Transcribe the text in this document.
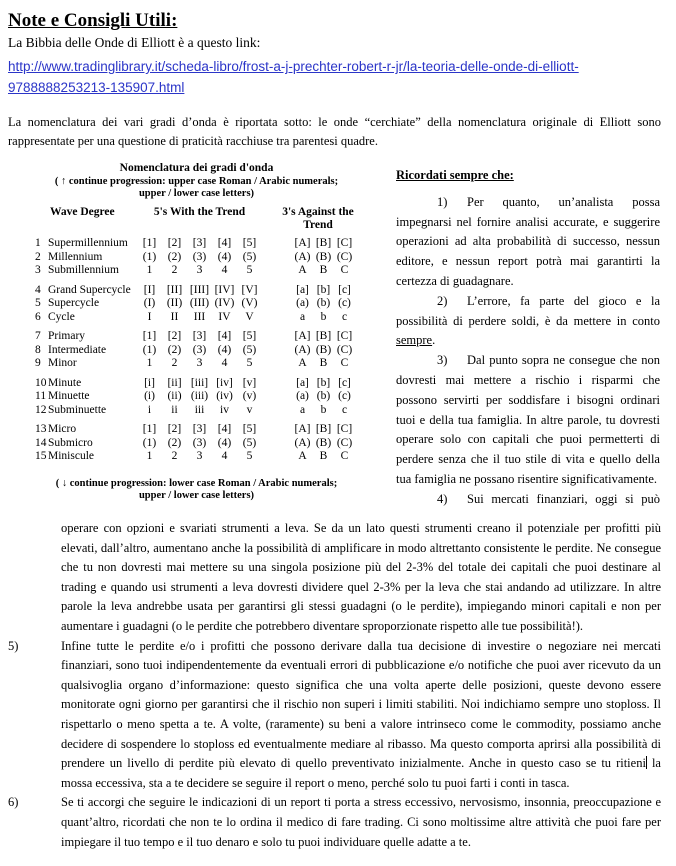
Note e Consigli Utili:
La Bibbia delle Onde di Elliott è a questo link:
http://www.tradinglibrary.it/scheda-libro/frost-a-j-prechter-robert-r-jr/la-teoria-delle-onde-di-elliott-
9788888253213-135907.html
La nomenclatura dei vari gradi d’onda è riportata sotto: le onde “cerchiate” della nomenclatura originale di Elliott sono rappresentate per una questione di praticità racchiuse tra parentesi quadre.
Nomenclatura dei gradi d'onda
( ↑ continue progression: upper case Roman / Arabic numerals;
upper / lower case letters)
Wave Degree	5's With the Trend	3's Against the Trend
1 Supermillennium	[1]	[2]	[3]	[4]	[5]	[A] [B] [C]
2 Millennium	(1)	(2)	(3)	(4)	(5)	(A) (B) (C)
3 Submillennium	1	2	3	4	5	A	B	C
4 Grand Supercycle	[I]	[II] [III] [IV] [V]	[a] [b] [c]
5 Supercycle	(I)	(II) (III) (IV) (V)	(a) (b) (c)
6 Cycle	I	II	III	IV	V	a	b	c
7 Primary	[1]	[2]	[3]	[4]	[5]	[A] [B] [C]
8 Intermediate	(1)	(2)	(3)	(4)	(5)	(A) (B) (C)
9 Minor	1	2	3	4	5	A	B	C
10 Minute	[i]	[ii] [iii] [iv] [v]	[a] [b] [c]
11 Minuette	(i)	(ii) (iii) (iv) (v)	(a) (b) (c)
12 Subminuette	i	ii	iii	iv	v	a	b	c
13 Micro	[1]	[2]	[3]	[4]	[5]	[A] [B] [C]
14 Submicro	(1)	(2)	(3)	(4)	(5)	(A) (B) (C)
15 Miniscule	1	2	3	4	5	A	B	C
( ↓ continue progression: lower case Roman / Arabic numerals;
upper / lower case letters)
Ricordati sempre che:
1) Per quanto, un’analista possa impegnarsi nel fornire analisi accurate, e suggerire operazioni ad alta probabilità di successo, nessun editore, e nessun report potrà mai garantirti la certezza di guadagnare.
2) L’errore, fa parte del gioco e la possibilità di perdere soldi, è da mettere in conto sempre.
3) Dal punto sopra ne consegue che non dovresti mai mettere a rischio i risparmi che possono servirti per soddisfare i bisogni ordinari tuoi e della tua famiglia. In altre parole, tu dovresti operare solo con capitali che puoi permetterti di perdere senza che il tuo stile di vita e quello della tua famiglia ne possano risentire significativamente.
4) Sui mercati finanziari, oggi si può
operare con opzioni e svariati strumenti a leva. Se da un lato questi strumenti creano il potenziale per profitti più elevati, dall’altro, aumentano anche la possibilità di amplificare in modo altrettanto consistente le perdite. Ne consegue che tu non dovresti mai mettere su una singola posizione più del 2-3% del totale dei capitali che puoi destinare al trading e quando usi strumenti a leva dovresti dividere quel 2-3% per la leva che stai andando ad utilizzare. In altre parole la leva andrebbe usata per garantirsi gli stessi guadagni (o le perdite), impiegando minori capitali e non per aumentare i guadagni (o le perdite che potrebbero diventare sproporzionate rispetto alle tue possibilità!).
5)	Infine tutte le perdite e/o i profitti che possono derivare dalla tua decisione di investire o negoziare nei mercati finanziari, sono tuoi indipendentemente da eventuali errori di pubblicazione e/o notifiche che puoi aver ricevuto da un qualsivoglia organo d’informazione: questo significa che una volta aperte delle posizioni, queste devono essere monitorate ogni giorno per garantirsi che il rischio non superi i limiti stabiliti. Noi indichiamo sempre uno stoploss. Il rispettarlo o meno spetta a te. A volte, (raramente) su beni a valore intrinseco come le commodity, possiamo anche decidere di sospendere lo stoploss ed eventualmente mediare al ribasso. Ma questo comporta aprirsi alla possibilità di prendere un livello di perdite più elevato di quello preventivato inizialmente. Anche in questo caso se tu ritieni la mossa eccessiva, sta a te decidere se seguire il report o meno, perché solo tu puoi farti i conti in tasca.
6)	Se ti accorgi che seguire le indicazioni di un report ti porta a stress eccessivo, nervosismo, insonnia, preoccupazione e quant’altro, ricordati che non te lo ordina il medico di fare trading. Ci sono moltissime altre attività che puoi fare per impiegare il tuo tempo e il tuo denaro e solo tu puoi individuare quelle adatte a te.
